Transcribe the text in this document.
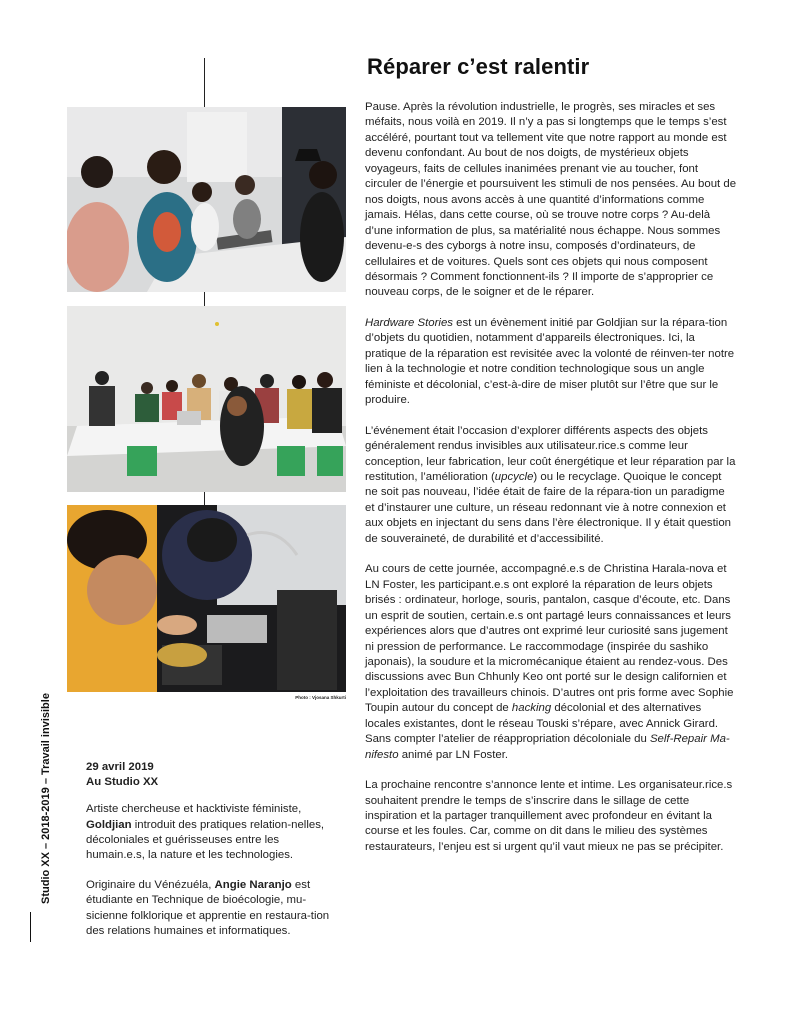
Photo : Vjosana Shkurti
Studio XX – 2018-2019 – Travail invisible	29 avril 2019
Au Studio XX

Artiste chercheuse et hacktiviste féministe, Goldjian introduit des pratiques relation-nelles, décoloniales et guérisseuses entre les humain.e.s, la nature et les technologies.

Originaire du Vénézuéla, Angie Naranjo est étudiante en Technique de bioécologie, mu-sicienne folklorique et apprentie en restaura-tion des relations humaines et informatiques.

Réparer c’est ralentir

Pause. Après la révolution industrielle, le progrès, ses miracles et ses méfaits, nous voilà en 2019. Il n’y a pas si longtemps que le temps s’est accéléré, pourtant tout va tellement vite que notre rapport au monde est devenu confondant. Au bout de nos doigts, de mystérieux objets voyageurs, faits de cellules inanimées prenant vie au toucher, font circuler de l’énergie et poursuivent les stimuli de nos pensées. Au bout de nos doigts, nous avons accès à une quantité d’informations comme jamais. Hélas, dans cette course, où se trouve notre corps ? Au-delà d’une information de plus, sa matérialité nous échappe. Nous sommes devenu-e-s des cyborgs à notre insu, composés d’ordinateurs, de cellulaires et de voitures. Quels sont ces objets qui nous composent désormais ? Comment fonctionnent-ils ? Il importe de s’approprier ce nouveau corps, de le soigner et de le réparer.

Hardware Stories est un évènement initié par Goldjian sur la répara-tion d’objets du quotidien, notamment d’appareils électroniques. Ici, la pratique de la réparation est revisitée avec la volonté de réinven-ter notre lien à la technologie et notre condition technologique sous un angle féministe et décolonial, c’est-à-dire de miser plutôt sur l’être que sur le produire.

L’événement était l’occasion d’explorer différents aspects des objets généralement rendus invisibles aux utilisateur.rice.s comme leur conception, leur fabrication, leur coût énergétique et leur réparation par la restitution, l’amélioration (upcycle) ou le recyclage. Quoique le concept ne soit pas nouveau, l’idée était de faire de la répara-tion un paradigme et d’instaurer une culture, un réseau redonnant vie à notre connexion et aux objets en injectant du sens dans l’ère électronique. Il y était question de souveraineté, de durabilité et d’accessibilité.

Au cours de cette journée, accompagné.e.s de Christina Harala-nova et LN Foster, les participant.e.s ont exploré la réparation de leurs objets brisés : ordinateur, horloge, souris, pantalon, casque d’écoute, etc. Dans un esprit de soutien, certain.e.s ont partagé leurs connaissances et leurs expériences alors que d’autres ont exprimé leur curiosité sans jugement ni pression de performance. Le raccommodage (inspirée du sashiko japonais), la soudure et la micromécanique étaient au rendez-vous. Des discussions avec Bun Chhunly Keo ont porté sur le design californien et l’exploitation des travailleurs chinois. D’autres ont pris forme avec Sophie Toupin autour du concept de hacking décolonial et des alternatives locales existantes, dont le réseau Touski s’répare, avec Annick Girard. Sans compter l’atelier de réappropriation décoloniale du Self-Repair Ma-nifesto animé par LN Foster.

La prochaine rencontre s’annonce lente et intime. Les organisateur.rice.s souhaitent prendre le temps de s’inscrire dans le sillage de cette inspiration et la partager tranquillement avec profondeur en évitant la course et les foules. Car, comme on dit dans le milieu des systèmes restaurateurs, l’enjeu est si urgent qu’il vaut mieux ne pas se précipiter.
